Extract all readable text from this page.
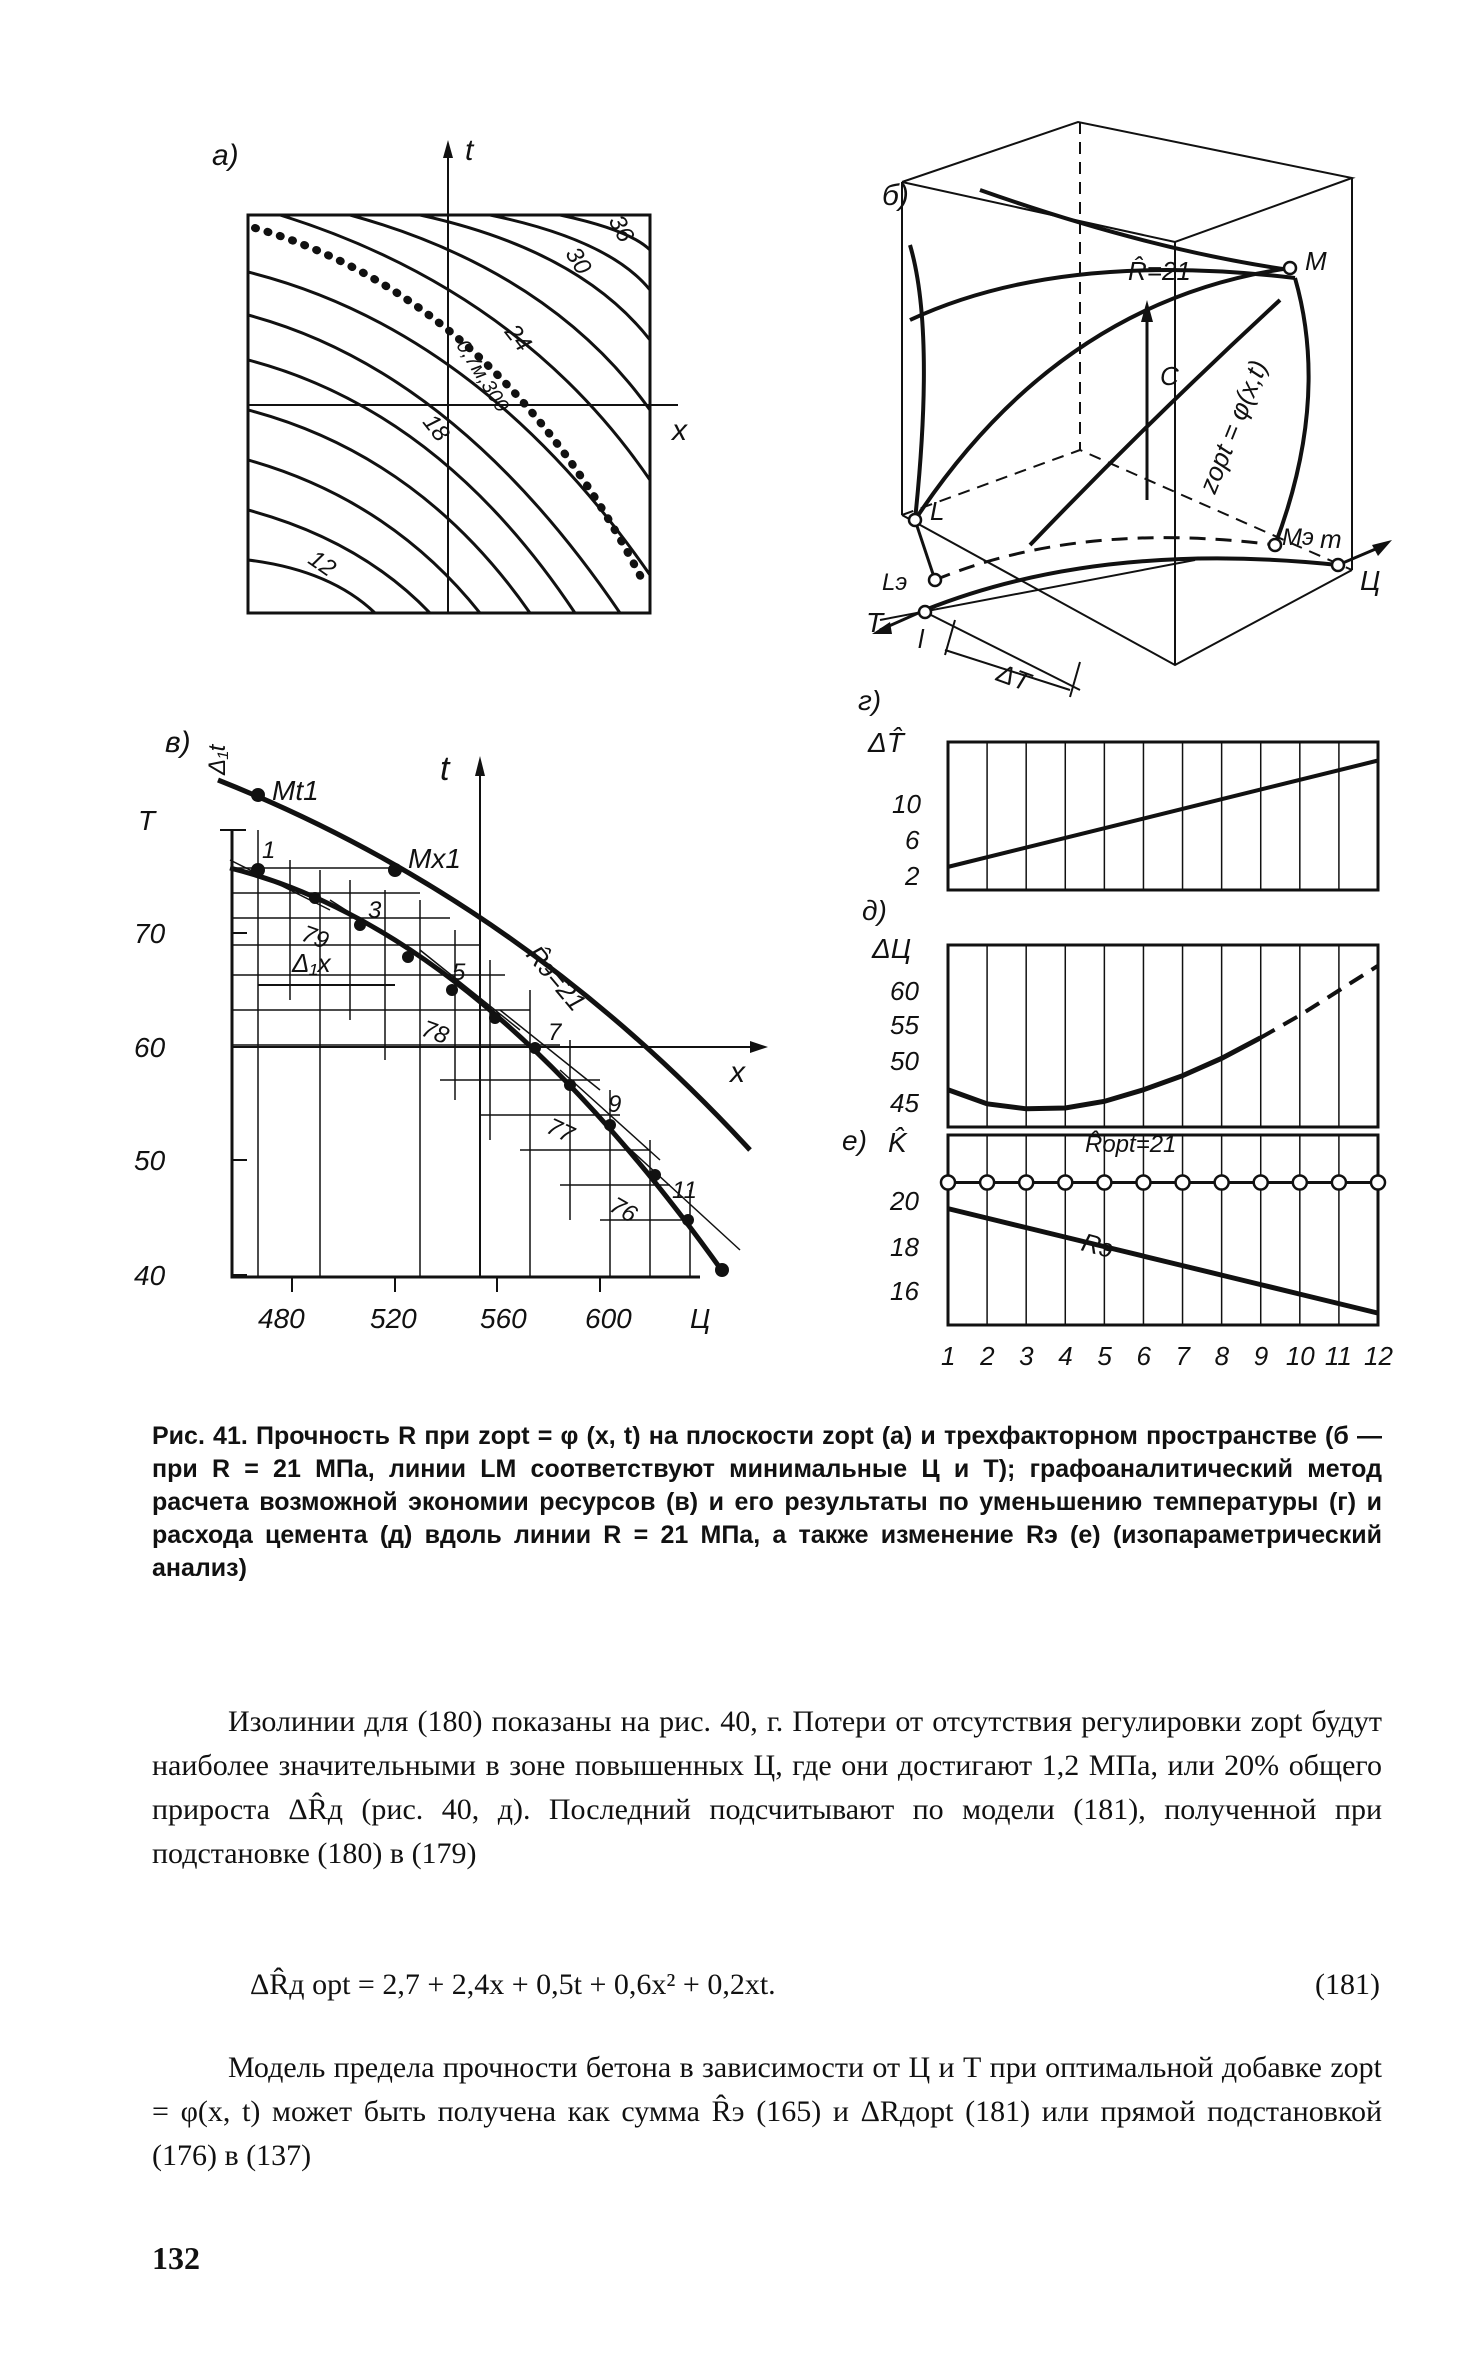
а)	t
x
36
30
24
18
12
0,7м,300
б)
C
R̂=21	M
zopt = φ(x,t)
L
Mэ m
Lэ
T
l
ΔT
Ц
в)
Δ₁t
T
480 520 560 600 Ц
70
60
50
40
t
x
Δ₁x
Mt1
Mx1
1
3
5
7
9
11
79
78
77
76
R̂э=21
г)
ΔT̂
10
6
2
д)
ΔЦ
60
55
50
45
е) K̂
20
18
16
R̂opt=21
Rэ
1 2 3 4 5 6 7 8 9 10 11 12
Рис. 41. Прочность R при zopt = φ (x, t) на плоскости zopt (а) и трехфакторном пространстве (б — при R = 21 МПа, линии LM соответствуют минимальные Ц и Т); графоаналитический метод расчета возможной экономии ресурсов (в) и его результаты по уменьшению температуры (г) и расхода цемента (д) вдоль линии R = 21 МПа, а также изменение Rэ (е) (изопараметрический анализ)
Изолинии для (180) показаны на рис. 40, г. Потери от отсутствия регулировки zopt будут наиболее значительными в зоне повышенных Ц, где они достигают 1,2 МПа, или 20% общего прироста ΔR̂д (рис. 40, д). Последний подсчитывают по модели (181), полученной при подстановке (180) в (179)
ΔR̂д opt = 2,7 + 2,4x + 0,5t + 0,6x² + 0,2xt.	(181)
Модель предела прочности бетона в зависимости от Ц и Т при оптимальной добавке zopt = φ(x, t) может быть получена как сумма R̂э (165) и ΔRдopt (181) или прямой подстановкой (176) в (137)
132
